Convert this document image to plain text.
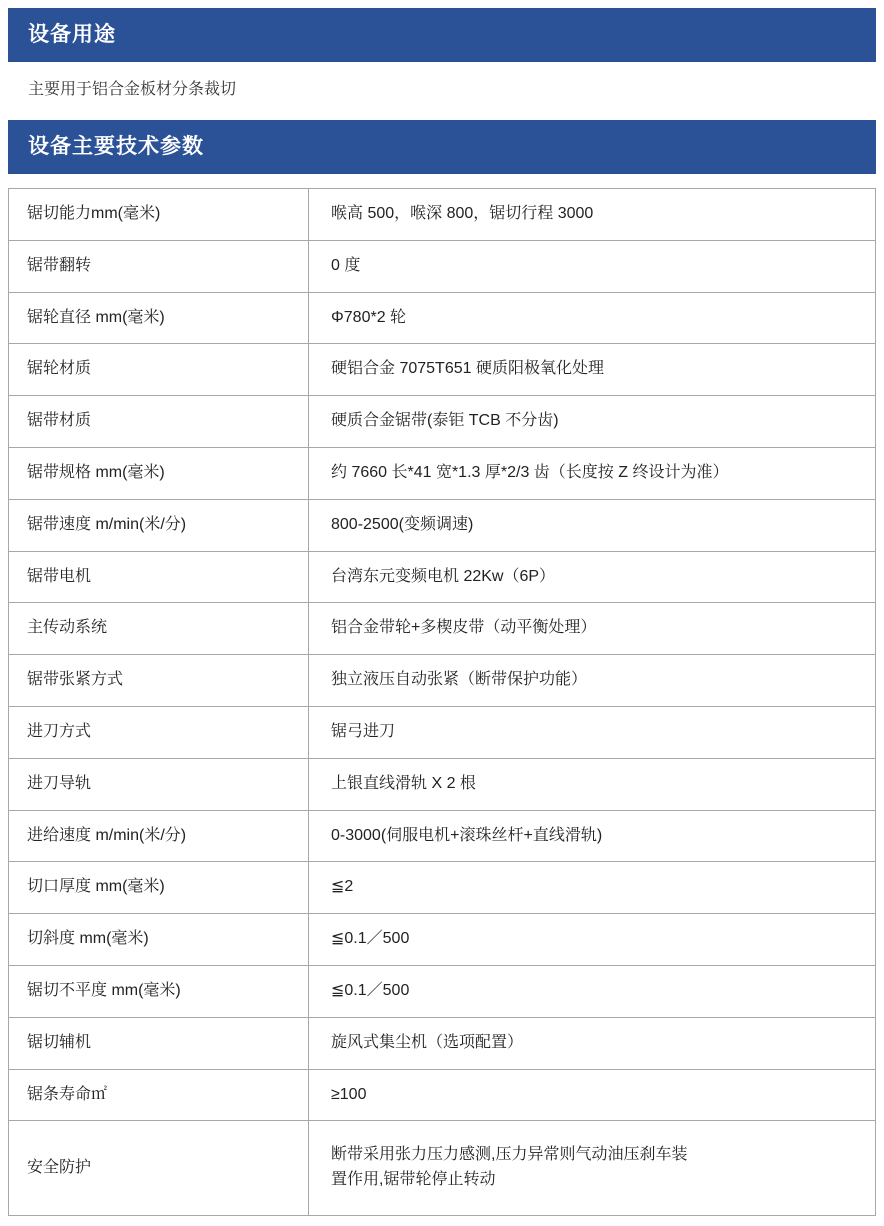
设备用途

主要用于铝合金板材分条裁切

设备主要技术参数
锯切能力mm(毫米)	喉高 500，喉深 800，锯切行程 3000
锯带翻转	0 度
锯轮直径 mm(毫米)	Φ780*2 轮
锯轮材质	硬铝合金 7075T651 硬质阳极氧化处理
锯带材质	硬质合金锯带(泰钜 TCB 不分齿)
锯带规格 mm(毫米)	约 7660 长*41 宽*1.3 厚*2/3 齿（长度按 Z 终设计为准）
锯带速度 m/min(米/分)	800-2500(变频调速)
锯带电机	台湾东元变频电机 22Kw（6P）
主传动系统	铝合金带轮+多楔皮带（动平衡处理）
锯带张紧方式	独立液压自动张紧（断带保护功能）
进刀方式	锯弓进刀
进刀导轨	上银直线滑轨 X 2 根
进给速度 m/min(米/分)	0-3000(伺服电机+滚珠丝杆+直线滑轨)
切口厚度 mm(毫米)	≦2
切斜度 mm(毫米)	≦0.1／500
锯切不平度 mm(毫米)	≦0.1／500
锯切辅机	旋风式集尘机（选项配置）
锯条寿命㎡	≥100
安全防护	断带采用张力压力感测,压力异常则气动油压刹车装
置作用,锯带轮停止转动
